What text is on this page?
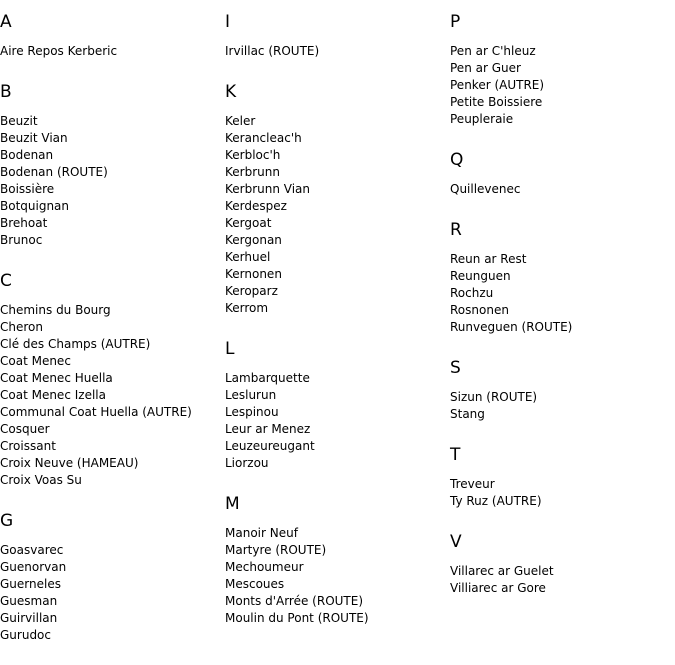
A
Aire Repos Kerberic
B
Beuzit
Beuzit Vian
Bodenan
Bodenan (ROUTE)
Boissière
Botquignan
Brehoat
Brunoc
C
Chemins du Bourg
Cheron
Clé des Champs (AUTRE)
Coat Menec
Coat Menec Huella
Coat Menec Izella
Communal Coat Huella (AUTRE)
Cosquer
Croissant
Croix Neuve (HAMEAU)
Croix Voas Su
G
Goasvarec
Guenorvan
Guerneles
Guesman
Guirvillan
Gurudoc
I
Irvillac (ROUTE)
K
Keler
Kerancleac'h
Kerbloc'h
Kerbrunn
Kerbrunn Vian
Kerdespez
Kergoat
Kergonan
Kerhuel
Kernonen
Keroparz
Kerrom
L
Lambarquette
Leslurun
Lespinou
Leur ar Menez
Leuzeureugant
Liorzou
M
Manoir Neuf
Martyre (ROUTE)
Mechoumeur
Mescoues
Monts d'Arrée (ROUTE)
Moulin du Pont (ROUTE)
P
Pen ar C'hleuz
Pen ar Guer
Penker (AUTRE)
Petite Boissiere
Peupleraie
Q
Quillevenec
R
Reun ar Rest
Reunguen
Rochzu
Rosnonen
Runveguen (ROUTE)
S
Sizun (ROUTE)
Stang
T
Treveur
Ty Ruz (AUTRE)
V
Villarec ar Guelet
Villiarec ar Gore
